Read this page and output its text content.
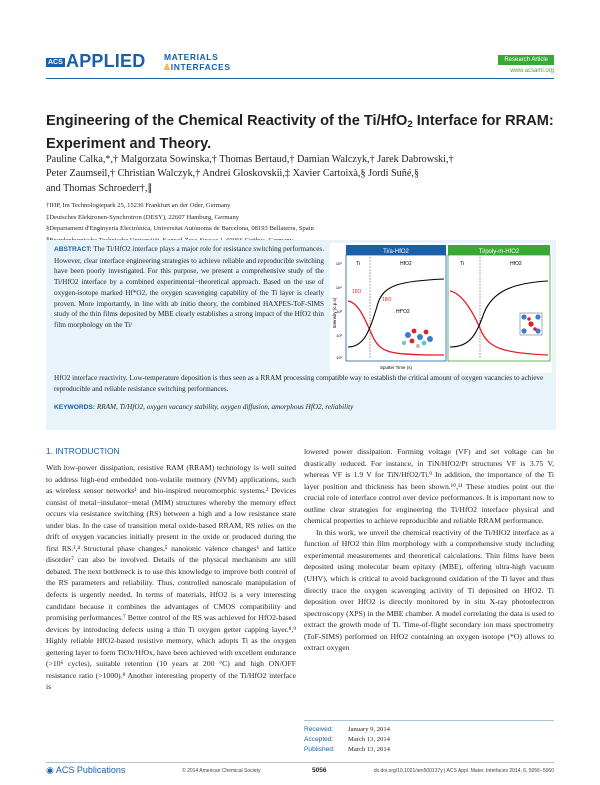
ACS APPLIED MATERIALS
&INTERFACES
Research Article
www.acsami.org
Engineering of the Chemical Reactivity of the Ti/HfO$_2$ Interface for RRAM: Experiment and Theory.
Pauline Calka,*,† Malgorzata Sowinska,† Thomas Bertaud,† Damian Walczyk,† Jarek Dabrowski,†
Peter Zaumseil,† Christian Walczyk,† Andrei Gloskovskii,‡ Xavier Cartoixà,§ Jordi Suñé,§
and Thomas Schroeder†,∥
†IHP, Im Technologiepark 25, 15236 Frankfurt an der Oder, Germany
‡Deutsches Elektronen-Synchrotron (DESY), 22607 Hamburg, Germany
§Departament d'Enginyeria Electrònica, Universitat Autònoma de Barcelona, 08193 Bellaterra, Spain
ABSTRACT: The Ti/HfO2 interface plays a major role for resistance switching performances. However, clear interface engineering strategies to achieve reliable and reproducible switching have been poorly investigated. For this purpose, we present a comprehensive study of the Ti/HfO2 interface by a combined experimental−theoretical approach. Based on the use of oxygen-isotope marked Hf*O2, the oxygen scavenging capability of the Ti layer is clearly proven. More importantly, in line with ab initio theory, the combined HAXPES-ToF-SIMS study of the thin films deposited by MBE clearly establishes a strong impact of the HfO2 thin film morphology on the Ti/
HfO2 interface reactivity. Low-temperature deposition is thus seen as a RRAM processing compatible way to establish the critical amount of oxygen vacancies to achieve reproducible and reliable resistance switching performances.
KEYWORDS: RRAM, Ti/HfO2, oxygen vacancy stability, oxygen diffusion, amorphous HfO2, reliability
Ti/a-HfO2	Ti/poly-m-HfO2
Ti	HfO2	Ti	HfO2
16O
18O
Hf*O2
Intensity (c.p.s)
Sputter Time (s)
10⁵
10⁴
10³
10²
10¹
1. INTRODUCTION

With low-power dissipation, resistive RAM (RRAM) technology is well suited to address high-end embedded non-volatile memory (NVM) applications, such as wireless sensor networks¹ and bio-inspired neuromorphic systems.² Devices consist of metal−insulator−metal (MIM) structures whereby the memory effect occurs via resistance switching (RS) between a high and a low resistance state under bias. In the case of transition metal oxide-based RRAM, RS relies on the drift of oxygen vacancies initially present in the oxide or produced during the first RS.³,⁴ Structural phase changes,⁵ nanoionic valence changes⁶ and lattice disorder⁷ can also be involved. Details of the physical mechanism are still debated. The next bottleneck is to use this knowledge to improve both control of the RS parameters and reliability. Thus, controlled nanoscale manipulation of defects is urgently needed. In terms of materials, HfO2 is a very interesting candidate because it combines the advantages of CMOS compatibility and promising performances.⁷ Better control of the RS was achieved for HfO2-based devices by introducing defects using a thin Ti oxygen getter capping layer.⁸,⁹ Highly reliable HfO2-based resistive memory, which adopts Ti as the oxygen gettering layer to form TiOx/HfOx, have been achieved with excellent endurance (>10⁶ cycles), suitable retention (10 years at 200 °C) and high ON/OFF resistance ratio (>1000).⁸ Another interesting property of the Ti/HfO2 interface is

lowered power dissipation. Forming voltage (VF) and set voltage can be drastically reduced. For instance, in TiN/HfO2/Pt structures VF is 3.75 V, whereas VF is 1.9 V for TiN/HfO2/Ti.⁹ In addition, the importance of the Ti layer position and thickness has been shown.¹⁰,¹¹ These studies point out the crucial role of interface control over device performances. It is important now to outline clear strategies for engineering the Ti/HfO2 interface physical and chemical properties to achieve reproducible and reliable RRAM performance.

In this work, we unveil the chemical reactivity of the Ti/HfO2 interface as a function of HfO2 thin film morphology with a comprehensive study including experimental measurements and theoretical calculations. Thin films have been deposited using molecular beam epitaxy (MBE), offering ultra-high vacuum (UHV), which is critical to avoid background oxidation of the Ti layer and thus directly trace the oxygen scavenging activity of Ti deposited on HfO2. Ti deposition over HfO2 is directly monitored by in situ X-ray photoelectron spectroscopy (XPS) in the MBE chamber. A model correlating the data is used to extract the growth mode of Ti. Time-of-flight secondary ion mass spectrometry (ToF-SIMS) performed on HfO2 containing an oxygen isotope (*O) allows to extract oxygen

Received: January 9, 2014
Accepted: March 13, 2014
Published: March 13, 2014
◉ ACS Publications	© 2014 American Chemical Society	5056	dx.doi.org/10.1021/am500137y | ACS Appl. Mater. Interfaces 2014, 6, 5056−5060
